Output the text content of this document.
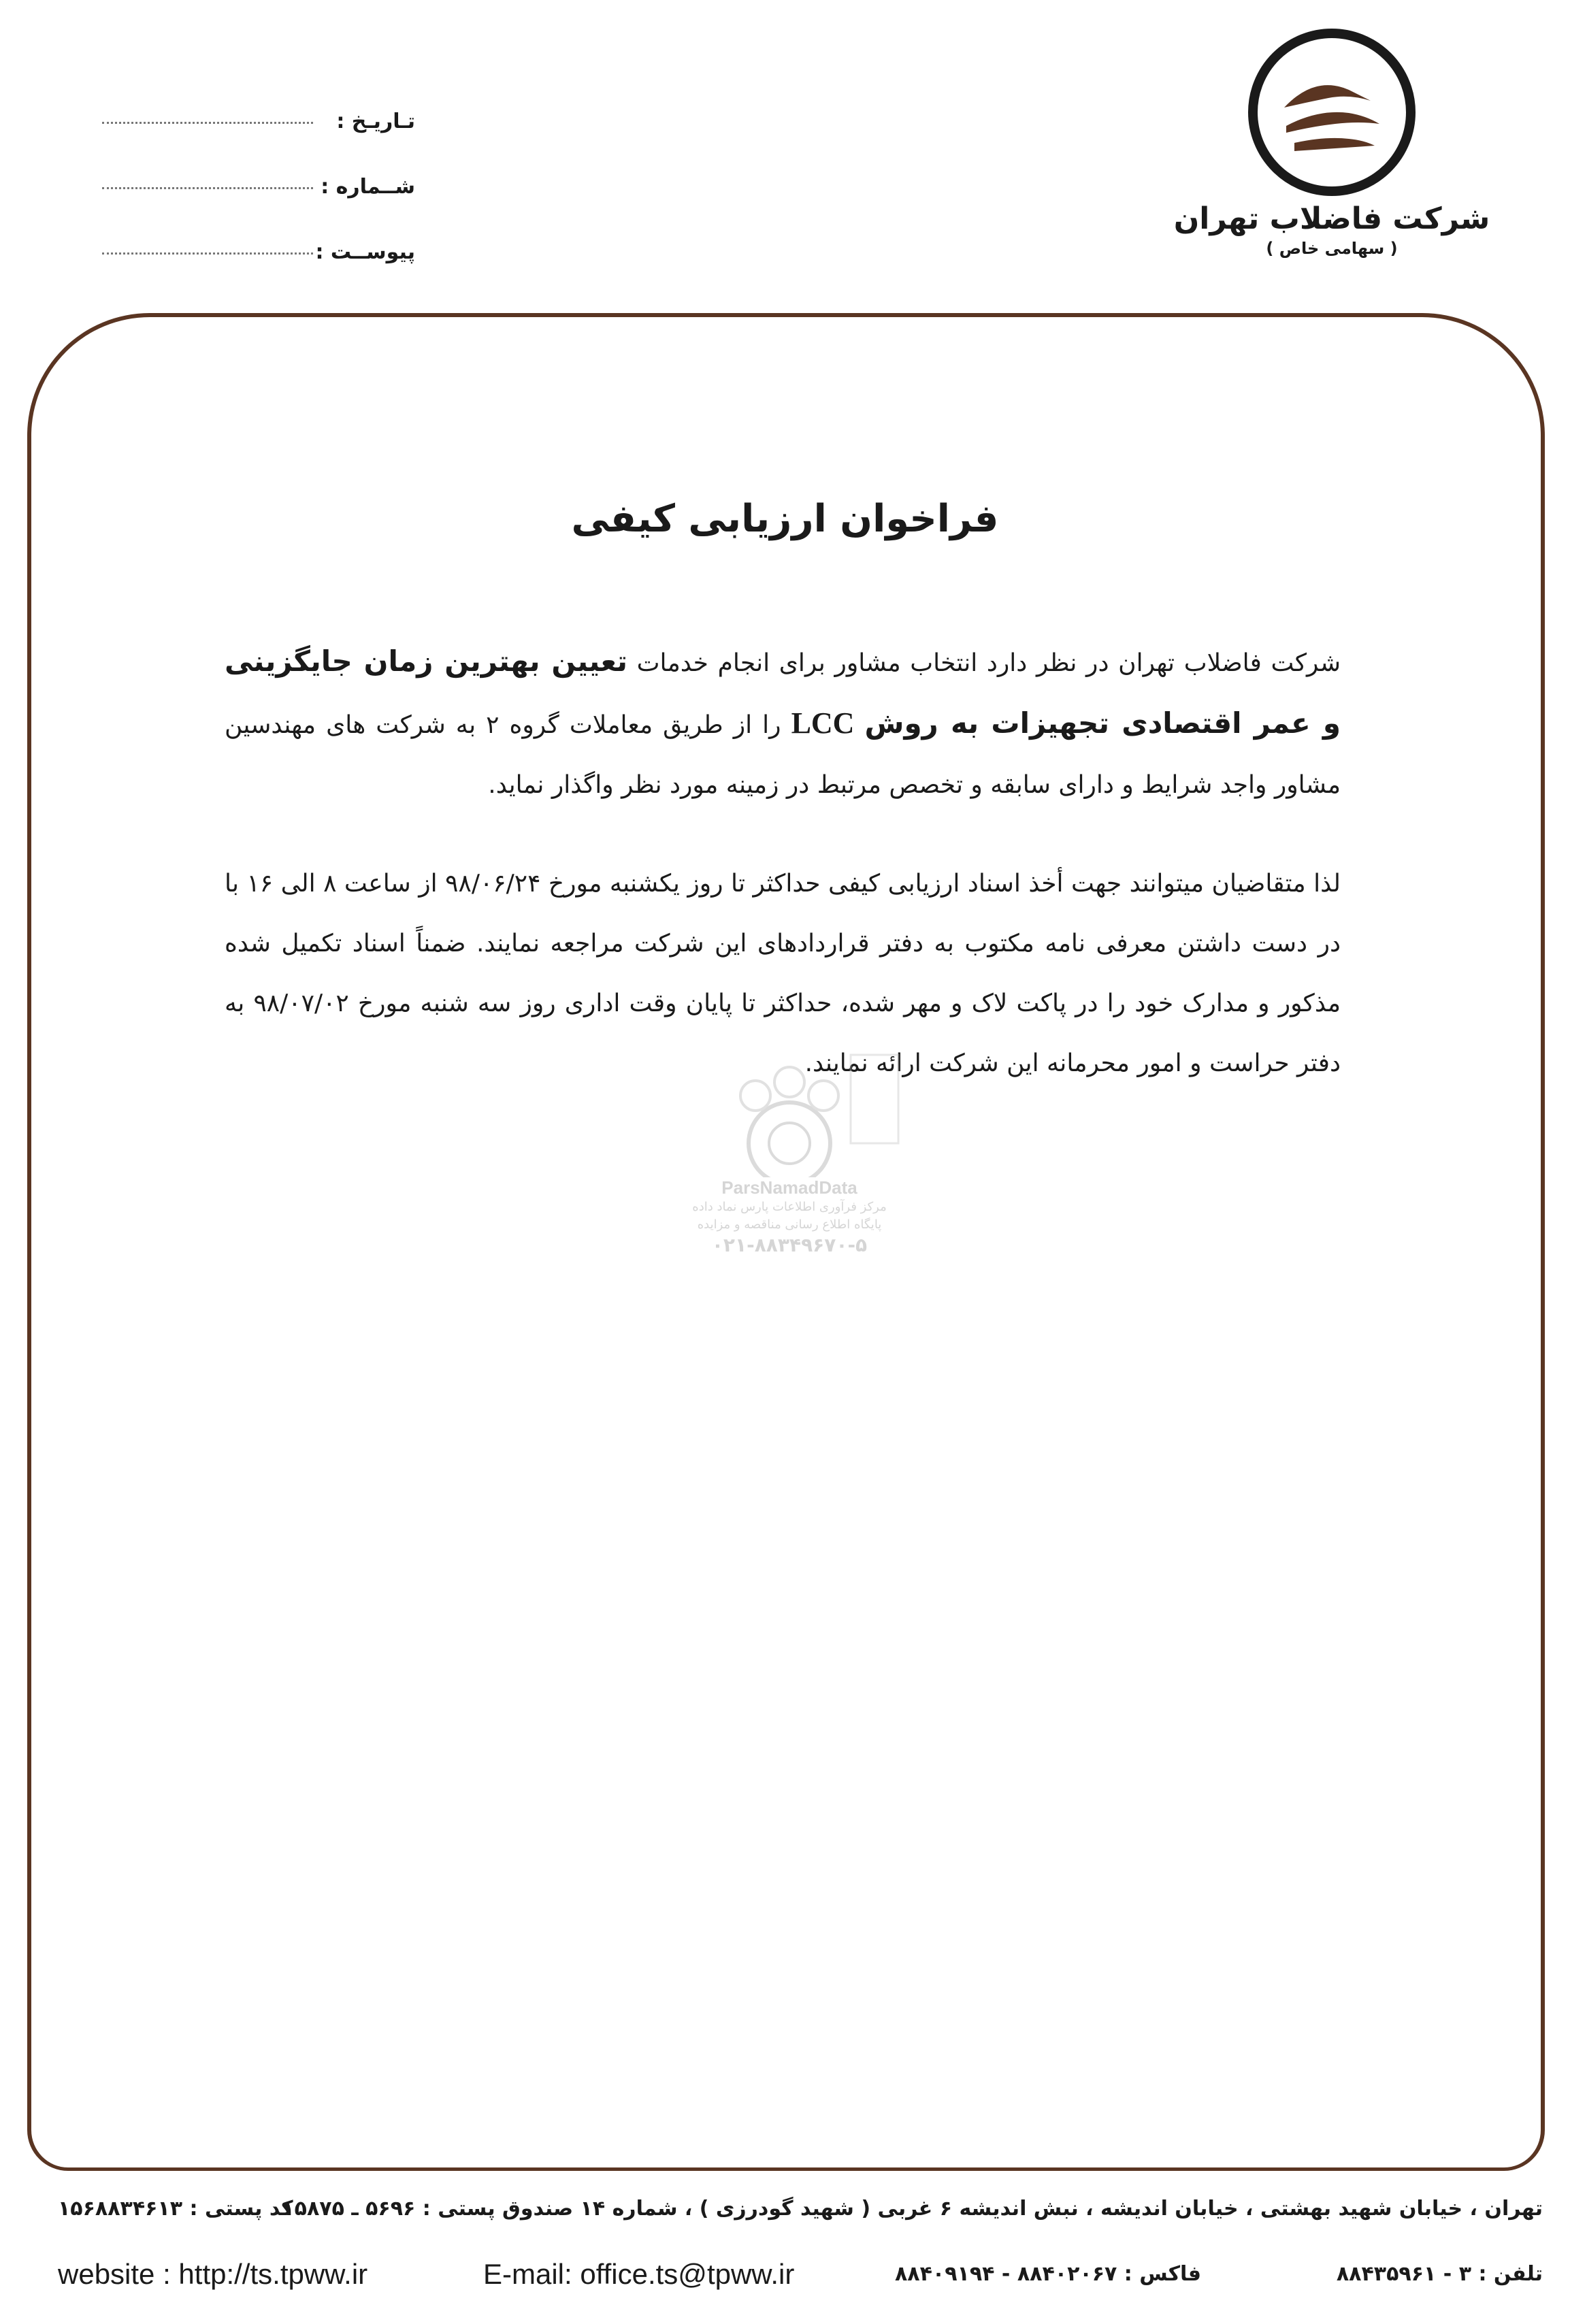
شرکت فاضلاب تهران
( سهامی خاص )
تـاریـخ :
شــماره :
پیوســت :
فراخوان ارزیابی کیفی
شرکت فاضلاب تهران در نظر دارد انتخاب مشاور برای انجام خدمات تعیین بهترین زمان جایگزینی و عمر اقتصادی تجهیزات به روش LCC را از طریق معاملات گروه ۲ به شرکت های مهندسین مشاور واجد شرایط و دارای سابقه و تخصص مرتبط در زمینه مورد نظر واگذار نماید.
لذا متقاضیان میتوانند جهت أخذ اسناد ارزیابی کیفی حداکثر تا روز یکشنبه مورخ ۹۸/۰۶/۲۴ از ساعت ۸ الی ۱۶ با در دست داشتن معرفی نامه مکتوب به دفتر قراردادهای این شرکت مراجعه نمایند. ضمناً اسناد تکمیل شده مذکور و مدارک خود را در پاکت لاک و مهر شده، حداکثر تا پایان وقت اداری روز سه شنبه مورخ ۹۸/۰۷/۰۲ به دفتر حراست و امور محرمانه این شرکت ارائه نمایند.
ParsNamadData
مرکز فرآوری اطلاعات پارس نماد داده
پایگاه اطلاع رسانی مناقصه و مزایده
۰۲۱-۸۸۳۴۹۶۷۰-۵
تهران ، خیابان شهید بهشتی ، خیابان اندیشه ، نبش اندیشه ۶ غربی ( شهید گودرزی ) ، شماره ۱۴ صندوق پستی : ۵۶۹۶ ـ ۱۵۸۷۵
کد پستی : ۱۵۶۸۸۳۴۶۱۳
website : http://ts.tpww.ir	E-mail: office.ts@tpww.ir	فاکس : ۸۸۴۰۲۰۶۷ - ۸۸۴۰۹۱۹۴	تلفن : ۳ - ۸۸۴۳۵۹۶۱
